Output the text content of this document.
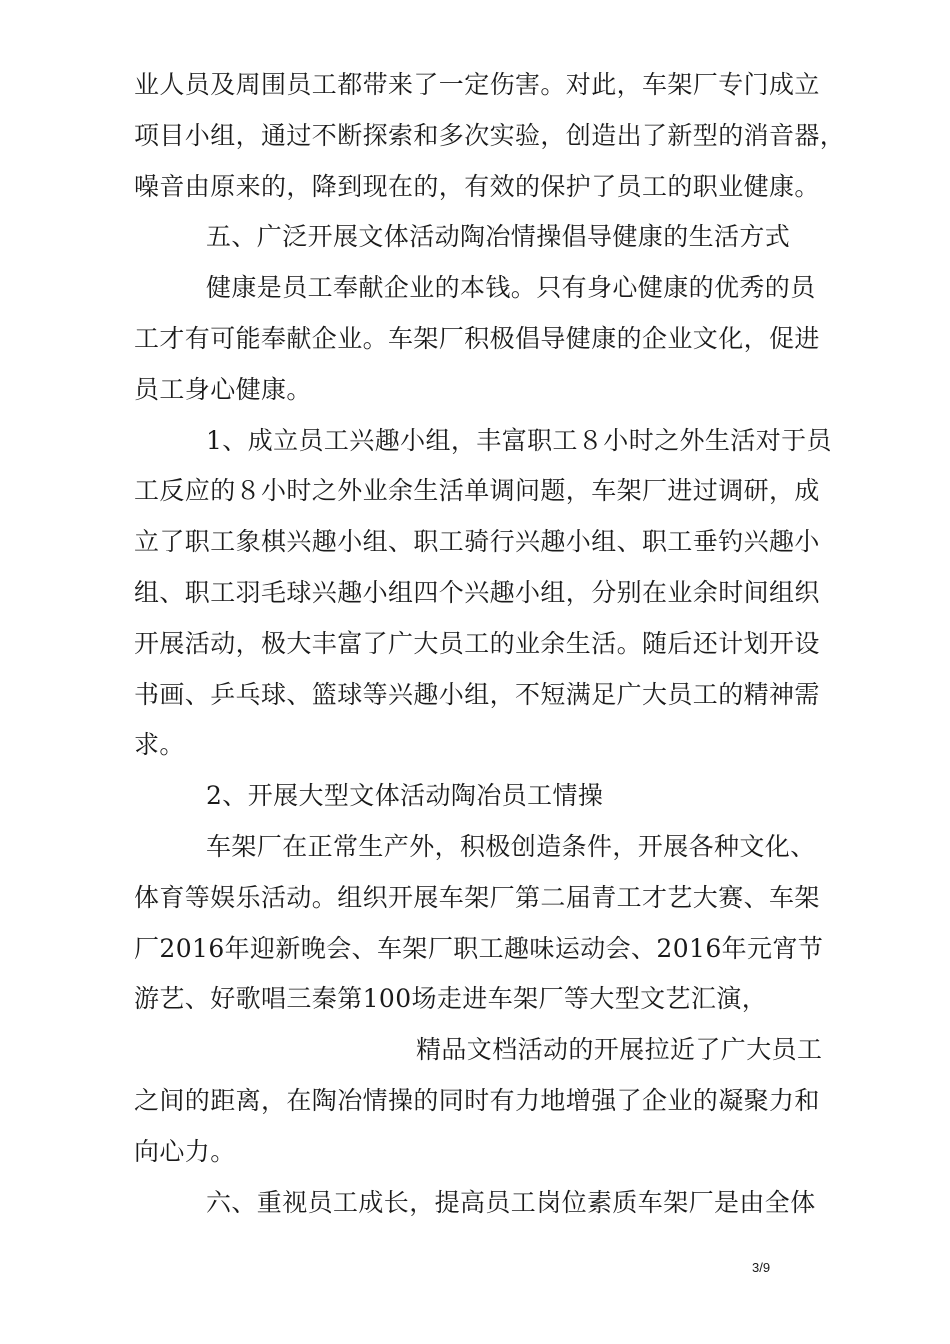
业人员及周围员工都带来了一定伤害。对此，车架厂专门成立
项目小组，通过不断探索和多次实验，创造出了新型的消音器，
噪音由原来的，降到现在的，有效的保护了员工的职业健康。
五、广泛开展文体活动陶冶情操倡导健康的生活方式
健康是员工奉献企业的本钱。只有身心健康的优秀的员
工才有可能奉献企业。车架厂积极倡导健康的企业文化，促进
员工身心健康。
1、成立员工兴趣小组，丰富职工８小时之外生活对于员
工反应的８小时之外业余生活单调问题，车架厂进过调研，成
立了职工象棋兴趣小组、职工骑行兴趣小组、职工垂钓兴趣小
组、职工羽毛球兴趣小组四个兴趣小组，分别在业余时间组织
开展活动，极大丰富了广大员工的业余生活。随后还计划开设
书画、乒乓球、篮球等兴趣小组，不短满足广大员工的精神需
求。
2、开展大型文体活动陶冶员工情操
车架厂在正常生产外，积极创造条件，开展各种文化、
体育等娱乐活动。组织开展车架厂第二届青工才艺大赛、车架
厂2016年迎新晚会、车架厂职工趣味运动会、2016年元宵节
游艺、好歌唱三秦第100场走进车架厂等大型文艺汇演，
精品文档活动的开展拉近了广大员工
之间的距离，在陶冶情操的同时有力地增强了企业的凝聚力和
向心力。
六、重视员工成长，提高员工岗位素质车架厂是由全体
3/9
